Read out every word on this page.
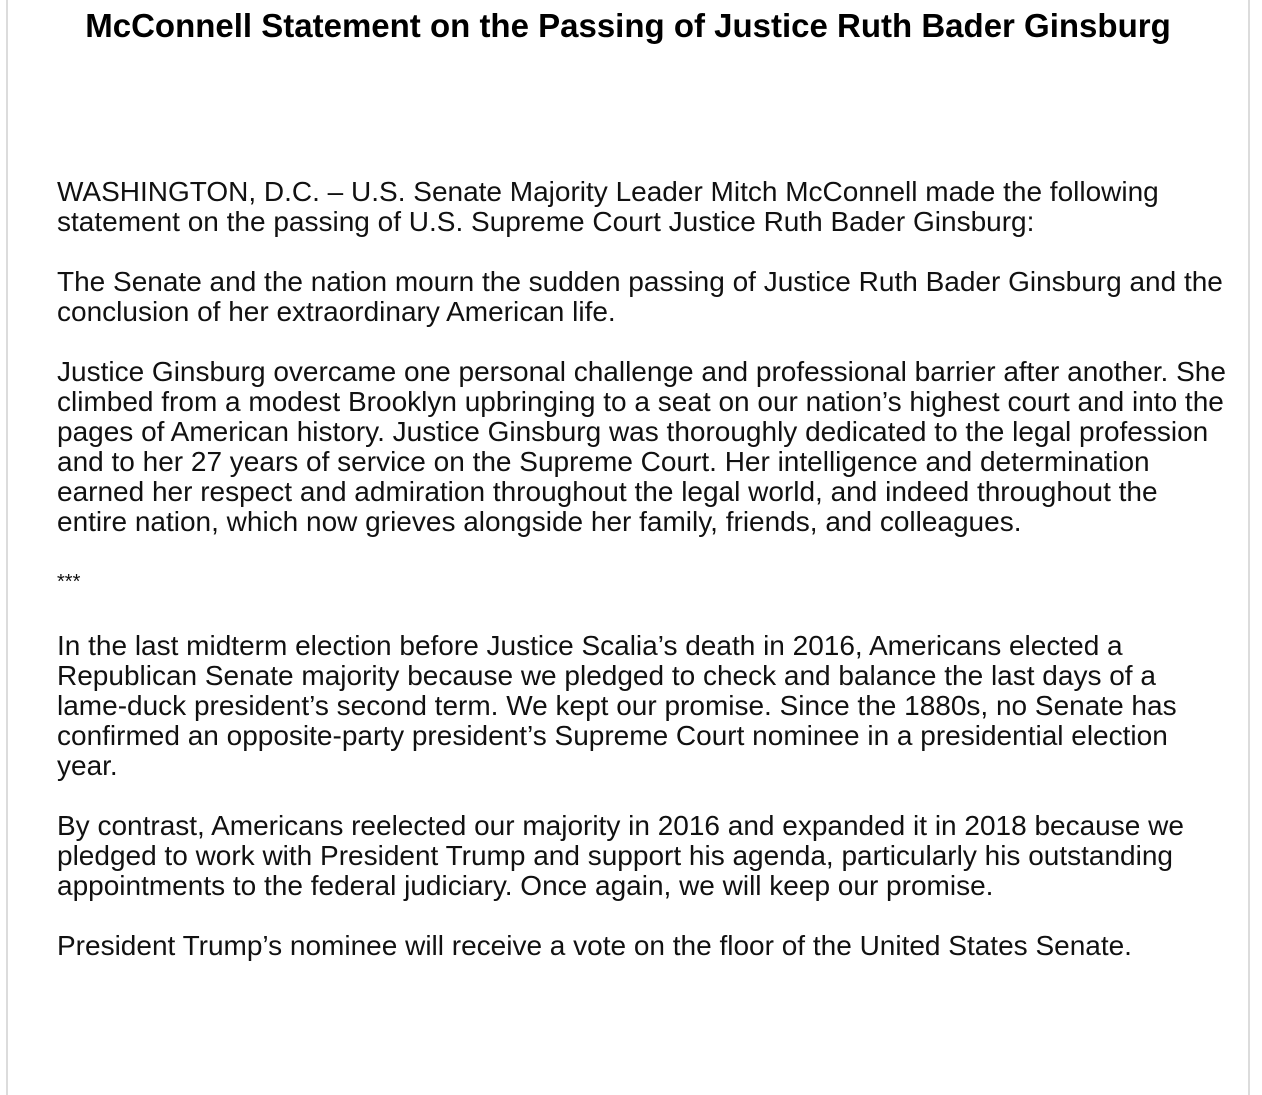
McConnell Statement on the Passing of Justice Ruth Bader Ginsburg

WASHINGTON, D.C. – U.S. Senate Majority Leader Mitch McConnell made the following statement on the passing of U.S. Supreme Court Justice Ruth Bader Ginsburg:

The Senate and the nation mourn the sudden passing of Justice Ruth Bader Ginsburg and the conclusion of her extraordinary American life.

Justice Ginsburg overcame one personal challenge and professional barrier after another. She climbed from a modest Brooklyn upbringing to a seat on our nation’s highest court and into the pages of American history. Justice Ginsburg was thoroughly dedicated to the legal profession and to her 27 years of service on the Supreme Court. Her intelligence and determination earned her respect and admiration throughout the legal world, and indeed throughout the entire nation, which now grieves alongside her family, friends, and colleagues.

***

In the last midterm election before Justice Scalia’s death in 2016, Americans elected a Republican Senate majority because we pledged to check and balance the last days of a lame-duck president’s second term. We kept our promise. Since the 1880s, no Senate has confirmed an opposite-party president’s Supreme Court nominee in a presidential election year.

By contrast, Americans reelected our majority in 2016 and expanded it in 2018 because we pledged to work with President Trump and support his agenda, particularly his outstanding appointments to the federal judiciary. Once again, we will keep our promise.

President Trump’s nominee will receive a vote on the floor of the United States Senate.
